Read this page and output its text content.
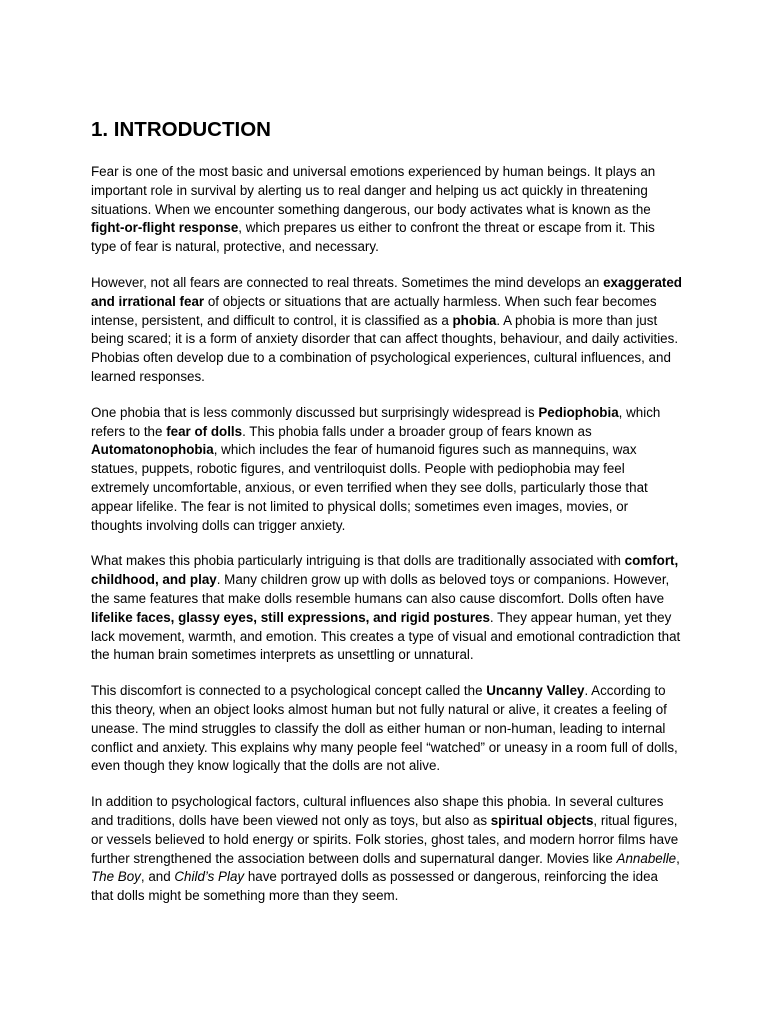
1. INTRODUCTION

Fear is one of the most basic and universal emotions experienced by human beings. It plays an important role in survival by alerting us to real danger and helping us act quickly in threatening situations. When we encounter something dangerous, our body activates what is known as the fight-or-flight response, which prepares us either to confront the threat or escape from it. This type of fear is natural, protective, and necessary.

However, not all fears are connected to real threats. Sometimes the mind develops an exaggerated and irrational fear of objects or situations that are actually harmless. When such fear becomes intense, persistent, and difficult to control, it is classified as a phobia. A phobia is more than just being scared; it is a form of anxiety disorder that can affect thoughts, behaviour, and daily activities. Phobias often develop due to a combination of psychological experiences, cultural influences, and learned responses.

One phobia that is less commonly discussed but surprisingly widespread is Pediophobia, which refers to the fear of dolls. This phobia falls under a broader group of fears known as Automatonophobia, which includes the fear of humanoid figures such as mannequins, wax statues, puppets, robotic figures, and ventriloquist dolls. People with pediophobia may feel extremely uncomfortable, anxious, or even terrified when they see dolls, particularly those that appear lifelike. The fear is not limited to physical dolls; sometimes even images, movies, or thoughts involving dolls can trigger anxiety.

What makes this phobia particularly intriguing is that dolls are traditionally associated with comfort, childhood, and play. Many children grow up with dolls as beloved toys or companions. However, the same features that make dolls resemble humans can also cause discomfort. Dolls often have lifelike faces, glassy eyes, still expressions, and rigid postures. They appear human, yet they lack movement, warmth, and emotion. This creates a type of visual and emotional contradiction that the human brain sometimes interprets as unsettling or unnatural.

This discomfort is connected to a psychological concept called the Uncanny Valley. According to this theory, when an object looks almost human but not fully natural or alive, it creates a feeling of unease. The mind struggles to classify the doll as either human or non-human, leading to internal conflict and anxiety. This explains why many people feel “watched” or uneasy in a room full of dolls, even though they know logically that the dolls are not alive.

In addition to psychological factors, cultural influences also shape this phobia. In several cultures and traditions, dolls have been viewed not only as toys, but also as spiritual objects, ritual figures, or vessels believed to hold energy or spirits. Folk stories, ghost tales, and modern horror films have further strengthened the association between dolls and supernatural danger. Movies like Annabelle, The Boy, and Child’s Play have portrayed dolls as possessed or dangerous, reinforcing the idea that dolls might be something more than they seem.
